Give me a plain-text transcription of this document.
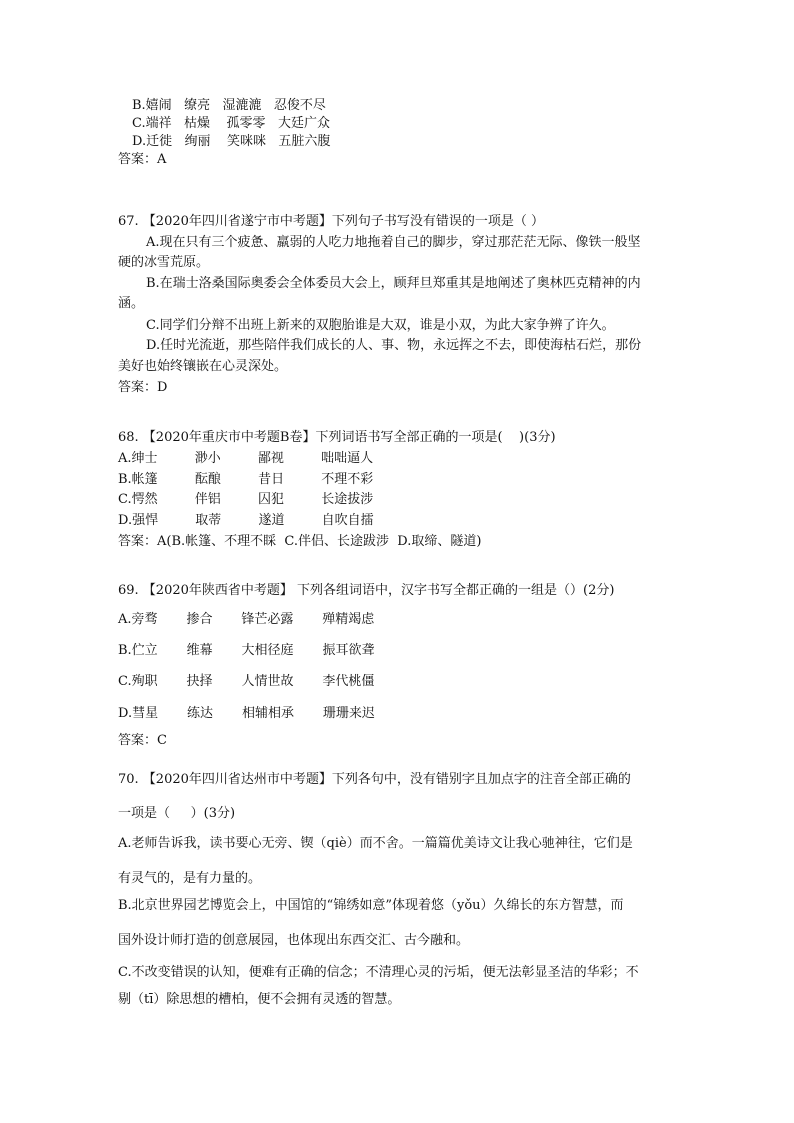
B.嬉闹   缭亮   湿漉漉   忍俊不尽
C.端祥   枯燥    孤零零   大廷广众
D.迁徙   绚丽    笑咪咪   五脏六腹
答案：A
67. 【2020年四川省遂宁市中考题】下列句子书写没有错误的一项是（ ）
A.现在只有三个疲惫、羸弱的人吃力地拖着自己的脚步，穿过那茫茫无际、像铁一般坚
硬的冰雪荒原。
B.在瑞士洛桑国际奥委会全体委员大会上，顾拜旦郑重其是地阐述了奥林匹克精神的内
涵。
C.同学们分辩不出班上新来的双胞胎谁是大双，谁是小双，为此大家争辨了许久。
D.任时光流逝，那些陪伴我们成长的人、事、物，永远挥之不去，即使海枯石烂，那份
美好也始终镶嵌在心灵深处。
答案：D
68. 【2020年重庆市中考题B卷】下列词语书写全部正确的一项是(    )(3分)
A.绅士         渺小         鄙视         咄咄逼人
B.帐篷         酝酿         昔日         不理不彩
C.愕然         伴铝         囚犯         长途拔涉
D.强悍         取蒂         遂道         自吹自擂
答案：A(B.帐篷、不理不睬  C.伴侣、长途跋涉  D.取缔、隧道)
69. 【2020年陕西省中考题】 下列各组词语中，汉字书写全都正确的一组是（）(2分)
A.旁骛       掺合       锋芒必露       殚精竭虑
B.伫立       维幕       大相径庭       振耳欲聋
C.殉职       抉择       人情世故       李代桃僵
D.彗星       练达       相辅相承       珊珊来迟
答案：C
70. 【2020年四川省达州市中考题】下列各句中，没有错别字且加点字的注音全部正确的
一项是（     ）(3分)
A.老师告诉我，读书要心无旁、锲（qiè）而不舍。一篇篇优美诗文让我心驰神往，它们是
有灵气的，是有力量的。
B.北京世界园艺博览会上，中国馆的“锦绣如意”体现着悠（yǒu）久绵长的东方智慧，而
国外设计师打造的创意展园，也体现出东西交汇、古今融和。
C.不改变错误的认知，便难有正确的信念；不清理心灵的污垢，便无法彰显圣洁的华彩；不
剔（tī）除思想的槽柏，便不会拥有灵透的智慧。
